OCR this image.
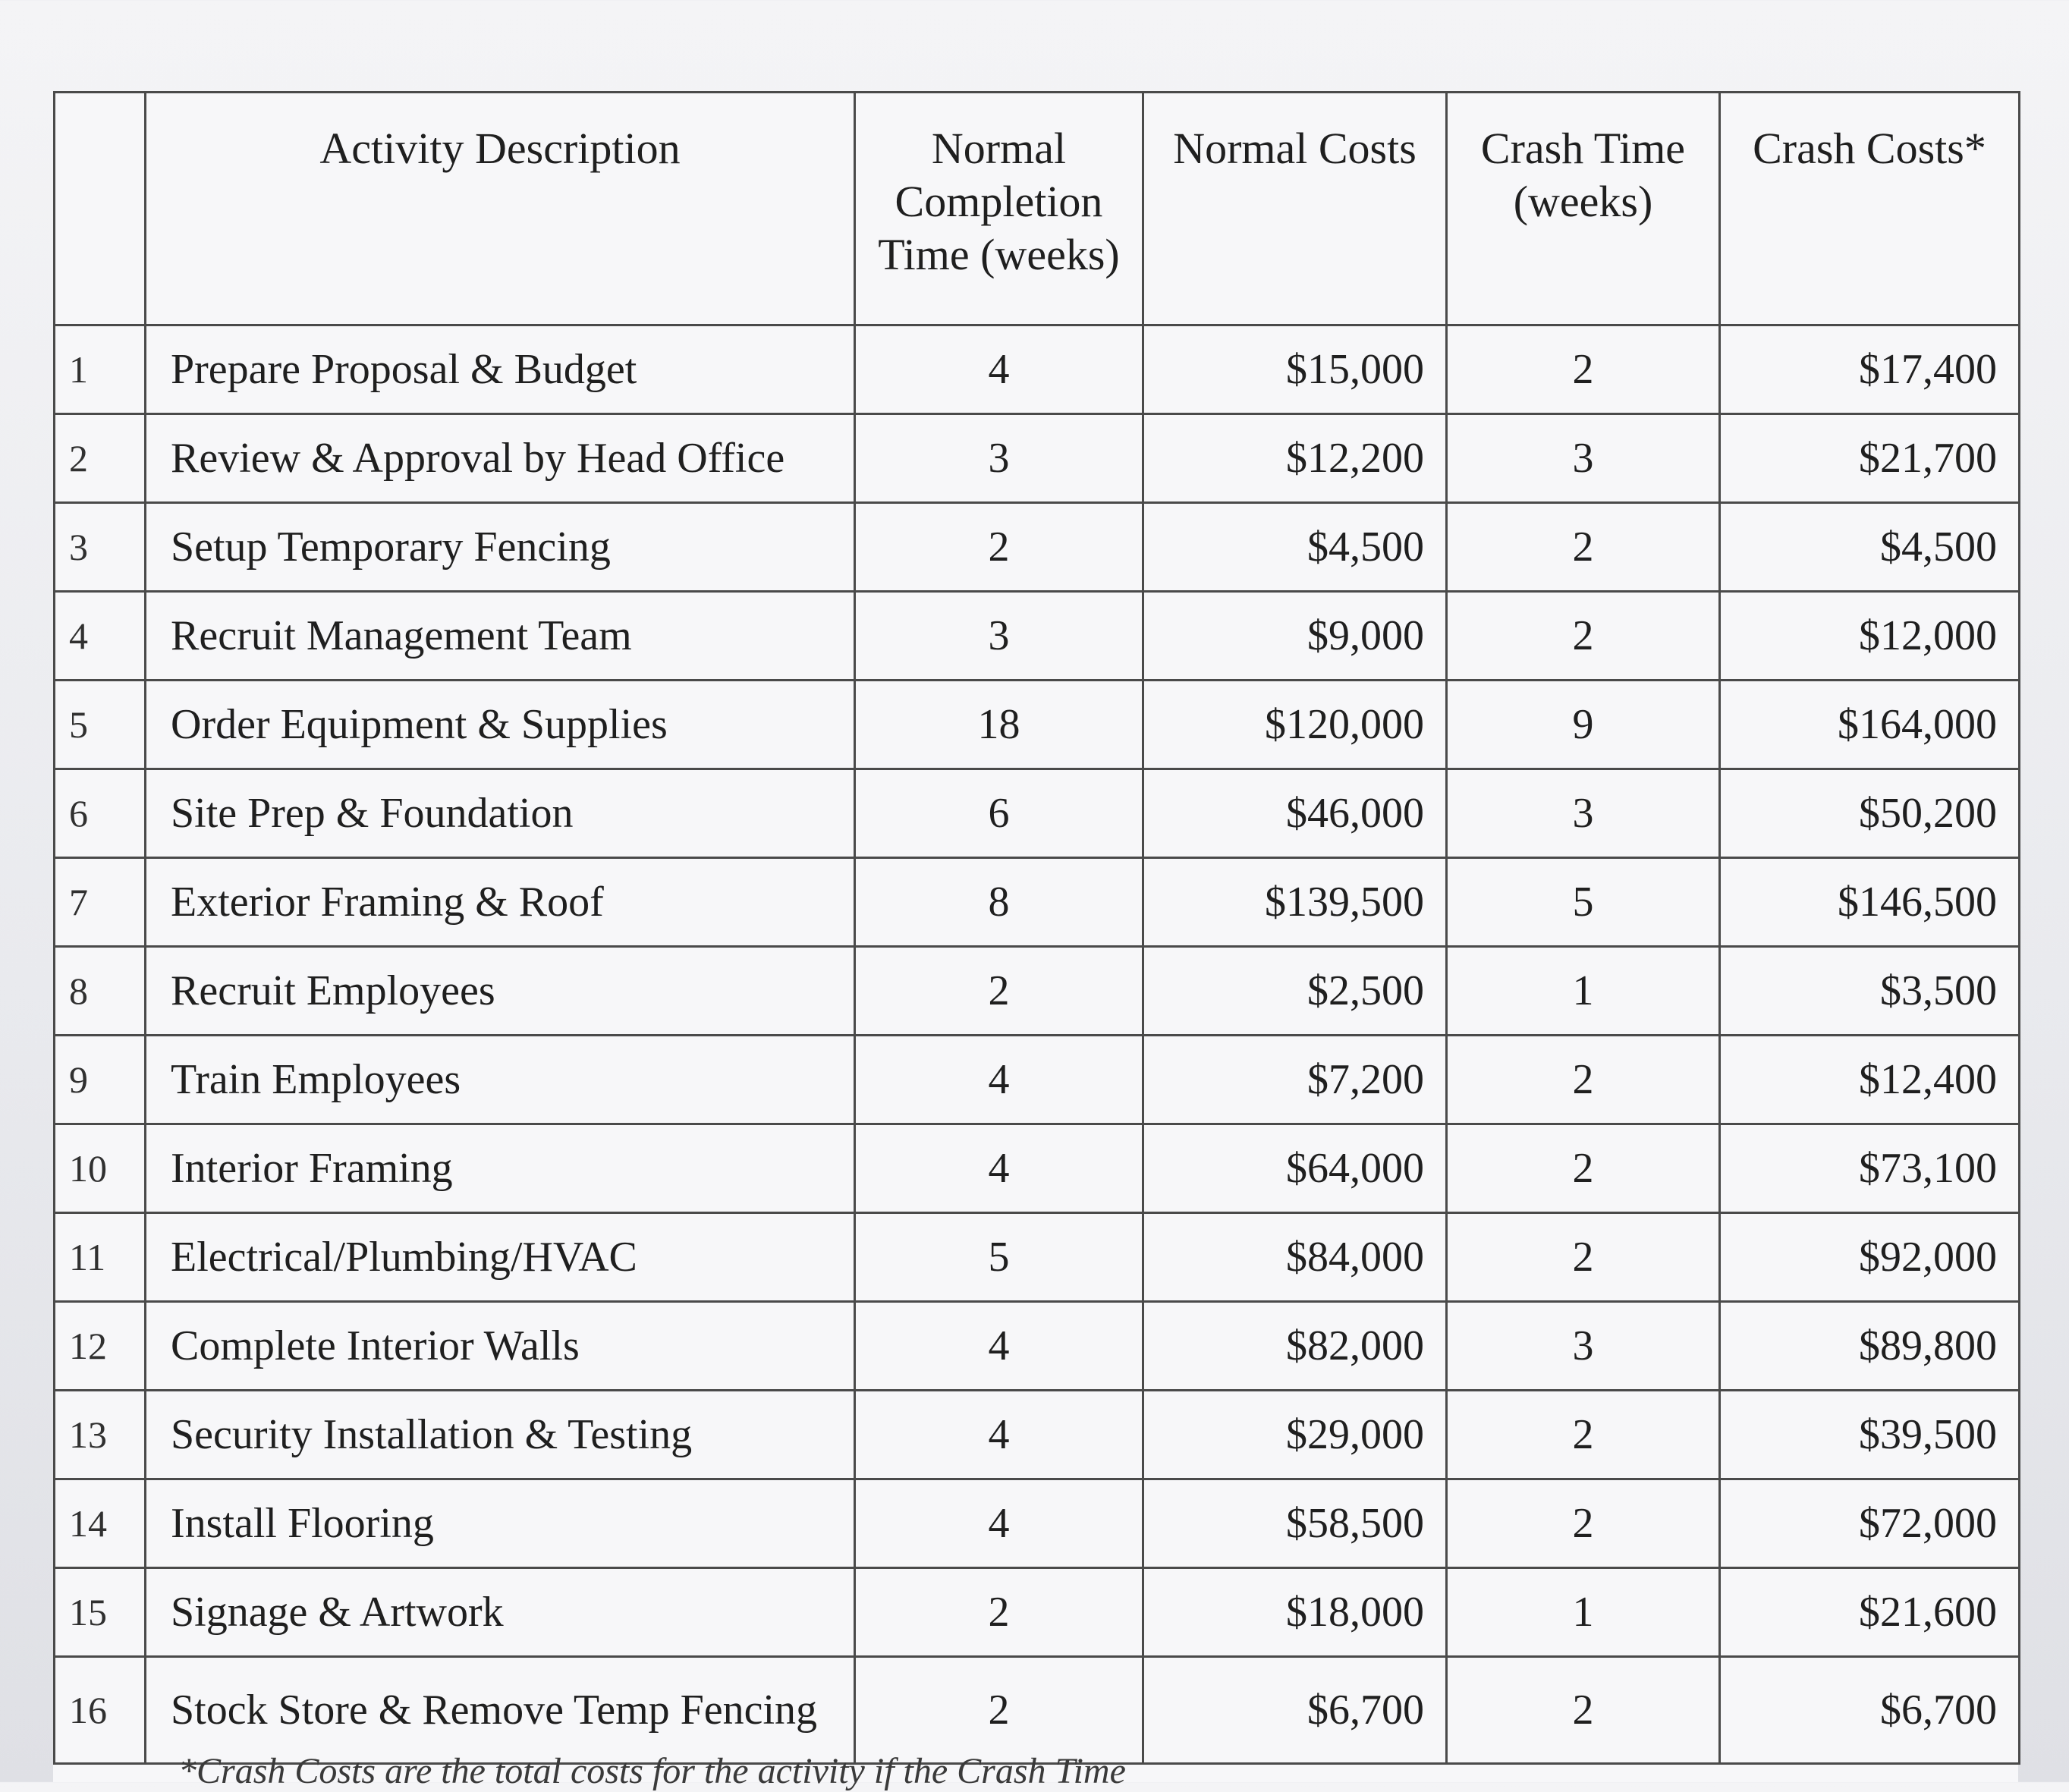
	Activity Description	Normal Completion Time (weeks)	Normal Costs	Crash Time (weeks)	Crash Costs*
1	Prepare Proposal & Budget	4	$15,000	2	$17,400
2	Review & Approval by Head Office	3	$12,200	3	$21,700
3	Setup Temporary Fencing	2	$4,500	2	$4,500
4	Recruit Management Team	3	$9,000	2	$12,000
5	Order Equipment & Supplies	18	$120,000	9	$164,000
6	Site Prep & Foundation	6	$46,000	3	$50,200
7	Exterior Framing & Roof	8	$139,500	5	$146,500
8	Recruit Employees	2	$2,500	1	$3,500
9	Train Employees	4	$7,200	2	$12,400
10	Interior Framing	4	$64,000	2	$73,100
11	Electrical/Plumbing/HVAC	5	$84,000	2	$92,000
12	Complete Interior Walls	4	$82,000	3	$89,800
13	Security Installation & Testing	4	$29,000	2	$39,500
14	Install Flooring	4	$58,500	2	$72,000
15	Signage & Artwork	2	$18,000	1	$21,600
16	Stock Store & Remove Temp Fencing	2	$6,700	2	$6,700
*Crash Costs are the total costs for the activity if the Crash Time
